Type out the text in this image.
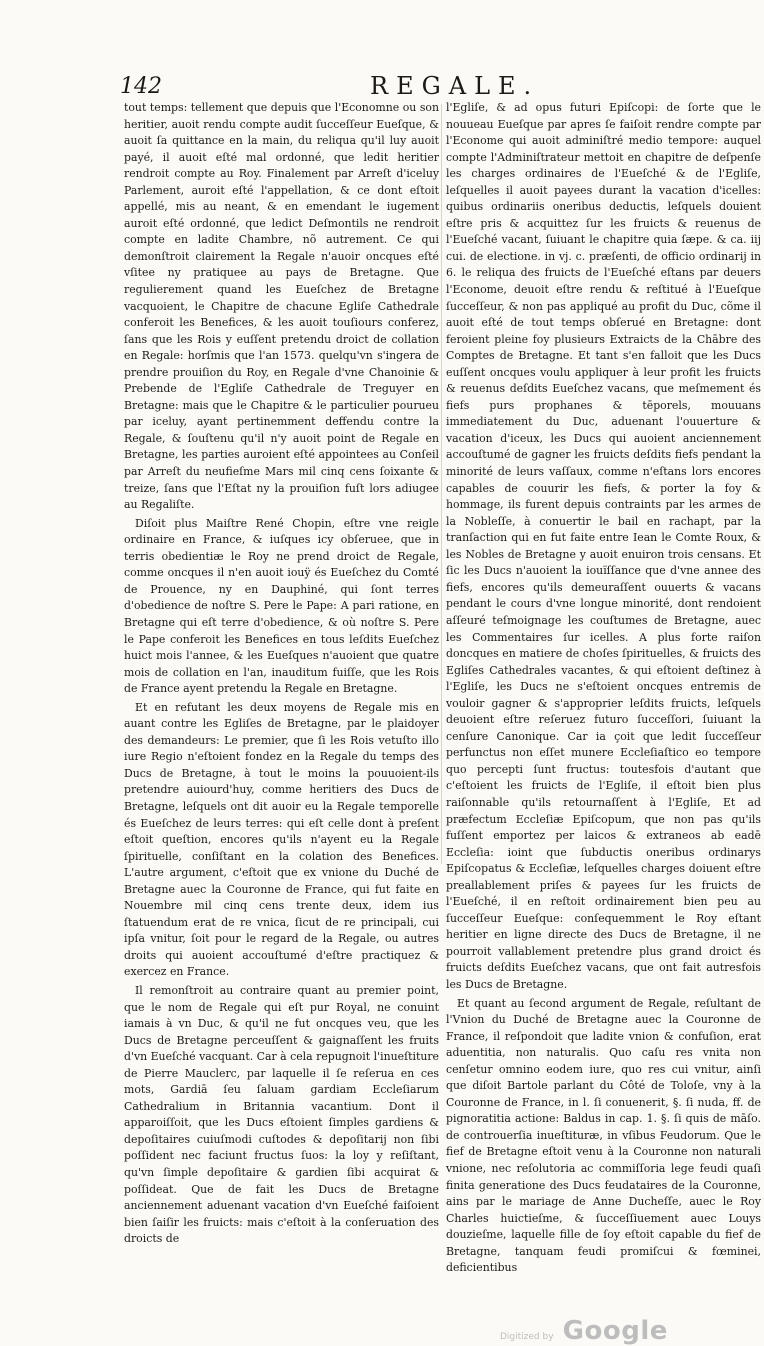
142	REGALE.

tout temps: tellement que depuis que l'Economne ou son heritier, auoit rendu compte audit ſucceſſeur Eueſque, & auoit ſa quittance en la main, du reliqua qu'il luy auoit payé, il auoit eſté mal ordonné, que ledit heritier rendroit compte au Roy. Finalement par Arreſt d'iceluy Parlement, auroit eſté l'appellation, & ce dont eſtoit appellé, mis au neant, & en emendant le iugement auroit eſté ordonné, que ledict Deſmontils ne rendroit compte en ladite Chambre, nõ autrement. Ce qui demonſtroit clairement la Regale n'auoir oncques eſté vſitee ny pratiquee au pays de Bretagne. Que regulierement quand les Eueſchez de Bretagne vacquoient, le Chapitre de chacune Egliſe Cathedrale conferoit les Benefices, & les auoit touſiours conferez, ſans que les Rois y euſſent pretendu droict de collation en Regale: horſmis que l'an 1573. quelqu'vn s'ingera de prendre prouiſion du Roy, en Regale d'vne Chanoinie & Prebende de l'Egliſe Cathedrale de Treguyer en Bretagne: mais que le Chapitre & le particulier pourueu par iceluy, ayant pertinemment deffendu contre la Regale, & ſouſtenu qu'il n'y auoit point de Regale en Bretagne, les parties auroient eſté appointees au Conſeil par Arreſt du neufieſme Mars mil cinq cens ſoixante & treize, ſans que l'Eſtat ny la prouiſion fuſt lors adiugee au Regaliſte.

Diſoit plus Maiſtre René Chopin, eſtre vne reigle ordinaire en France, & iuſques icy obſeruee, que in terris obedientiæ le Roy ne prend droict de Regale, comme oncques il n'en auoit iouÿ és Eueſchez du Comté de Prouence, ny en Dauphiné, qui ſont terres d'obedience de noſtre S. Pere le Pape: A pari ratione, en Bretagne qui eſt terre d'obedience, & où noſtre S. Pere le Pape conferoit les Benefices en tous leſdits Eueſchez huict mois l'annee, & les Eueſques n'auoient que quatre mois de collation en l'an, inauditum fuiſſe, que les Rois de France ayent pretendu la Regale en Bretagne.

Et en refutant les deux moyens de Regale mis en auant contre les Egliſes de Bretagne, par le plaidoyer des demandeurs: Le premier, que ſi les Rois vetuſto illo iure Regio n'eſtoient fondez en la Regale du temps des Ducs de Bretagne, à tout le moins la pouuoient-ils pretendre auiourd'huy, comme heritiers des Ducs de Bretagne, leſquels ont dit auoir eu la Regale temporelle és Eueſchez de leurs terres: qui eſt celle dont à preſent eſtoit queſtion, encores qu'ils n'ayent eu la Regale ſpirituelle, conſiſtant en la colation des Benefices. L'autre argument, c'eſtoit que ex vnione du Duché de Bretagne auec la Couronne de France, qui fut faite en Nouembre mil cinq cens trente deux, idem ius ſtatuendum erat de re vnica, ſicut de re principali, cui ipſa vnitur, ſoit pour le regard de la Regale, ou autres droits qui auoient accouſtumé d'eſtre practiquez & exercez en France.

Il remonſtroit au contraire quant au premier point, que le nom de Regale qui eſt pur Royal, ne conuint iamais à vn Duc, & qu'il ne fut oncques veu, que les Ducs de Bretagne perceuſſent & gaignaſſent les fruits d'vn Eueſché vacquant. Car à cela repugnoit l'inueſtiture de Pierre Mauclerc, par laquelle il ſe reſerua en ces mots, Gardiā ſeu ſaluam gardiam Eccleſiarum Cathedralium in Britannia vacantium. Dont il apparoiſſoit, que les Ducs eſtoient ſimples gardiens & depoſitaires cuiuſmodi cuſtodes & depoſitarij non ſibi poſſident nec faciunt fructus ſuos: la loy y reſiſtant, qu'vn ſimple depoſitaire & gardien ſibi acquirat & poſſideat. Que de fait les Ducs de Bretagne anciennement aduenant vacation d'vn Eueſché faiſoient bien ſaiſir les fruicts: mais c'eſtoit à la conſeruation des droicts de

l'Egliſe, & ad opus futuri Epiſcopi: de ſorte que le nouueau Eueſque par apres ſe faiſoit rendre compte par l'Econome qui auoit adminiſtré medio tempore: auquel compte l'Adminiſtrateur mettoit en chapitre de deſpenſe les charges ordinaires de l'Eueſché & de l'Egliſe, leſquelles il auoit payees durant la vacation d'icelles: quibus ordinariis oneribus deductis, leſquels douient eſtre pris & acquittez ſur les fruicts & reuenus de l'Eueſché vacant, ſuiuant le chapitre quia ſæpe. & ca. iij cui. de electione. in vj. c. præſenti, de officio ordinarij in 6. le reliqua des fruicts de l'Eueſché eſtans par deuers l'Econome, deuoit eſtre rendu & reſtitué à l'Eueſque ſucceſſeur, & non pas appliqué au profit du Duc, cõme il auoit eſté de tout temps obſerué en Bretagne: dont feroient pleine foy plusieurs Extraicts de la Chābre des Comptes de Bretagne. Et tant s'en falloit que les Ducs euſſent oncques voulu appliquer à leur profit les fruicts & reuenus deſdits Eueſchez vacans, que meſmement és fiefs purs prophanes & tēporels, mouuans immediatement du Duc, aduenant l'ouuerture & vacation d'iceux, les Ducs qui auoient anciennement accouſtumé de gagner les fruicts deſdits fiefs pendant la minorité de leurs vaſſaux, comme n'eſtans lors encores capables de couurir les fiefs, & porter la foy & hommage, ils furent depuis contraints par les armes de la Nobleſſe, à conuertir le bail en rachapt, par la tranſaction qui en fut faite entre Iean le Comte Roux, & les Nobles de Bretagne y auoit enuiron trois censans. Et ſic les Ducs n'auoient la iouïſſance que d'vne annee des fiefs, encores qu'ils demeuraſſent ouuerts & vacans pendant le cours d'vne longue minorité, dont rendoient aſſeuré teſmoignage les couſtumes de Bretagne, auec les Commentaires ſur icelles. A plus forte raiſon doncques en matiere de choſes ſpirituelles, & fruicts des Egliſes Cathedrales vacantes, & qui eſtoient deſtinez à l'Egliſe, les Ducs ne s'eſtoient oncques entremis de vouloir gagner & s'approprier leſdits fruicts, leſquels deuoient eſtre reſeruez futuro ſucceſſori, ſuiuant la cenſure Canonique. Car ia çoit que ledit ſucceſſeur perfunctus non eſſet munere Eccleſiaſtico eo tempore quo percepti ſunt fructus: toutesfois d'autant que c'eſtoient les fruicts de l'Egliſe, il eſtoit bien plus raiſonnable qu'ils retournaſſent à l'Egliſe, Et ad præfectum Eccleſiæ Epiſcopum, que non pas qu'ils fuſſent emportez per laicos & extraneos ab eadē Eccleſia: ioint que ſubductis oneribus ordinarys Epiſcopatus & Eccleſiæ, leſquelles charges doiuent eſtre preallablement priſes & payees ſur les fruicts de l'Eueſché, il en reſtoit ordinairement bien peu au ſucceſſeur Eueſque: conſequemment le Roy eſtant heritier en ligne directe des Ducs de Bretagne, il ne pourroit vallablement pretendre plus grand droict és fruicts deſdits Eueſchez vacans, que ont fait autresfois les Ducs de Bretagne.

Et quant au ſecond argument de Regale, reſultant de l'Vnion du Duché de Bretagne auec la Couronne de France, il reſpondoit que ladite vnion & confuſion, erat aduentitia, non naturalis. Quo caſu res vnita non cenſetur omnino eodem iure, quo res cui vnitur, ainſi que diſoit Bartole parlant du Côté de Toloſe, vny à la Couronne de France, in l. ſi conuenerit, §. ſi nuda, ff. de pignoratitia actione: Baldus in cap. 1. §. ſi quis de māſo. de controuerſia inueſtituræ, in vſibus Feudorum. Que le fief de Bretagne eſtoit venu à la Couronne non naturali vnione, nec reſolutoria ac commiſſoria lege feudi quaſi finita generatione des Ducs feudataires de la Couronne, ains par le mariage de Anne Ducheſſe, auec le Roy Charles huictieſme, & ſucceſſiuement auec Louys douzieſme, laquelle fille de ſoy eſtoit capable du fief de Bretagne, tanquam feudi promiſcui & fœminei, deficientibus

Digitized by Google
